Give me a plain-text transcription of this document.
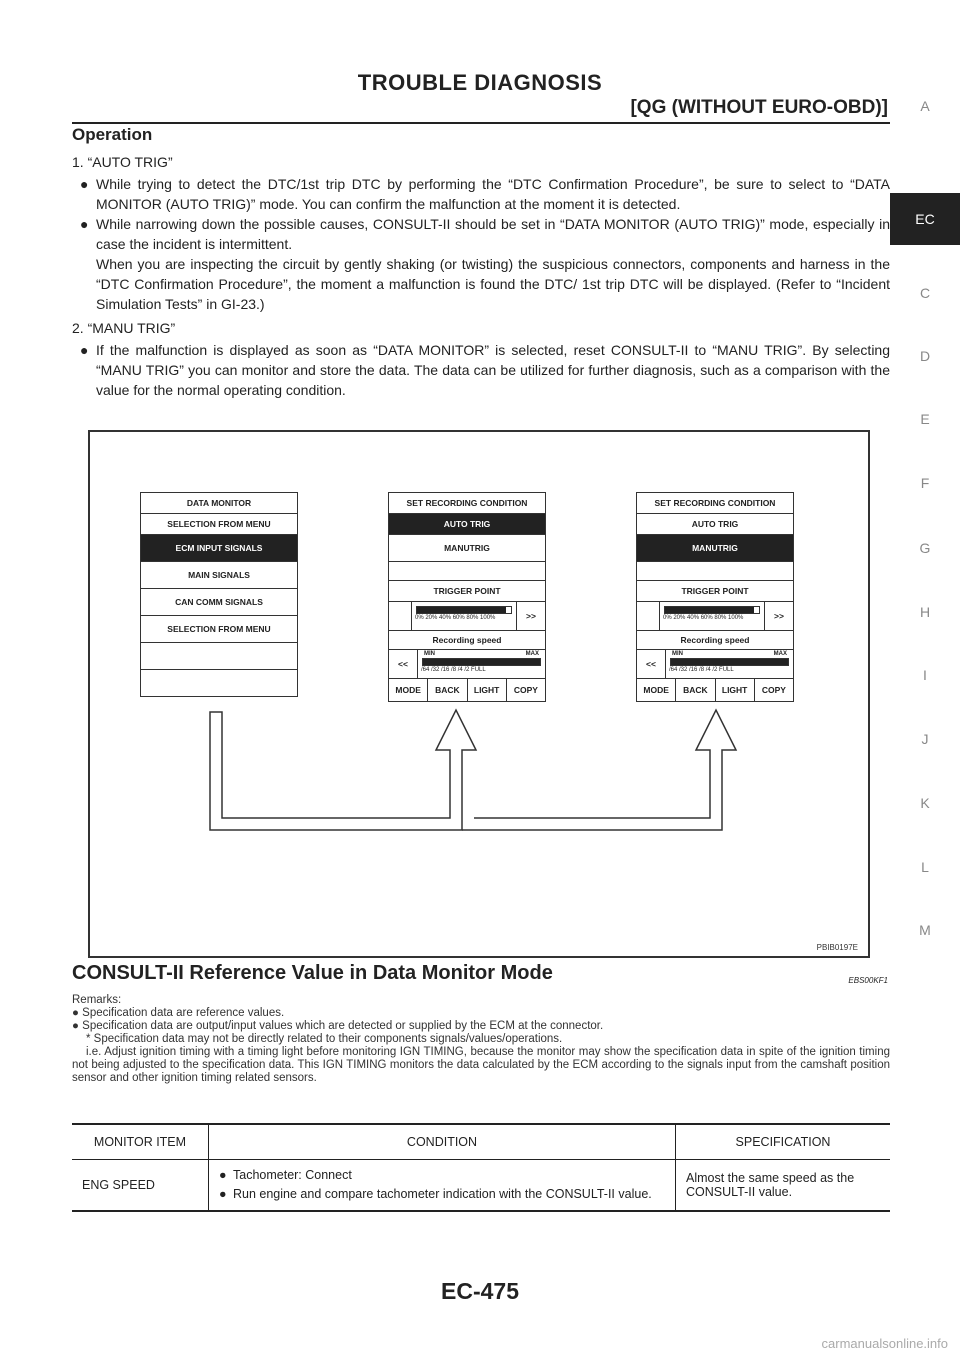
TROUBLE DIAGNOSIS
[QG (WITHOUT EURO-OBD)]	A
EC
C
D
E
F
G
H
I
J
K
L
M
Operation

1. “AUTO TRIG”

● While trying to detect the DTC/1st trip DTC by performing the “DTC Confirmation Procedure”, be sure to select to “DATA MONITOR (AUTO TRIG)” mode. You can confirm the malfunction at the moment it is detected.
● While narrowing down the possible causes, CONSULT-II should be set in “DATA MONITOR (AUTO TRIG)” mode, especially in case the incident is intermittent.
When you are inspecting the circuit by gently shaking (or twisting) the suspicious connectors, components and harness in the “DTC Confirmation Procedure”, the moment a malfunction is found the DTC/ 1st trip DTC will be displayed. (Refer to “Incident Simulation Tests” in GI-23.)

2. “MANU TRIG”

● If the malfunction is displayed as soon as “DATA MONITOR” is selected, reset CONSULT-II to “MANU TRIG”. By selecting “MANU TRIG” you can monitor and store the data. The data can be utilized for further diagnosis, such as a comparison with the value for the normal operating condition.
DATA MONITOR
SELECTION FROM MENU
ECM INPUT SIGNALS
MAIN SIGNALS
CAN COMM SIGNALS
SELECTION FROM MENU
SET RECORDING CONDITION
AUTO TRIG
MANUTRIG
TRIGGER POINT
0% 20% 40% 60% 80% 100%	>>
Recording speed
<<
MIN	MAX
/64 /32 /16 /8 /4 /2 FULL
MODE	BACK	LIGHT	COPY
SET RECORDING CONDITION
AUTO TRIG
MANUTRIG
TRIGGER POINT
0% 20% 40% 60% 80% 100%	>>
Recording speed
<<
MIN	MAX
/64 /32 /16 /8 /4 /2 FULL
MODE	BACK	LIGHT	COPY
PBIB0197E
CONSULT-II Reference Value in Data Monitor Mode	EBS00KF1

Remarks:

● Specification data are reference values.

● Specification data are output/input values which are detected or supplied by the ECM at the connector.

* Specification data may not be directly related to their components signals/values/operations.

i.e. Adjust ignition timing with a timing light before monitoring IGN TIMING, because the monitor may show the specification data in spite of the ignition timing not being adjusted to the specification data. This IGN TIMING monitors the data calculated by the ECM according to the signals input from the camshaft position sensor and other ignition timing related sensors.

MONITOR ITEM	CONDITION	SPECIFICATION
ENG SPEED	● Tachometer: Connect
● Run engine and compare tachometer indication with the CONSULT-II value.	Almost the same speed as the CONSULT-II value.
EC-475
carmanualsonline.info
